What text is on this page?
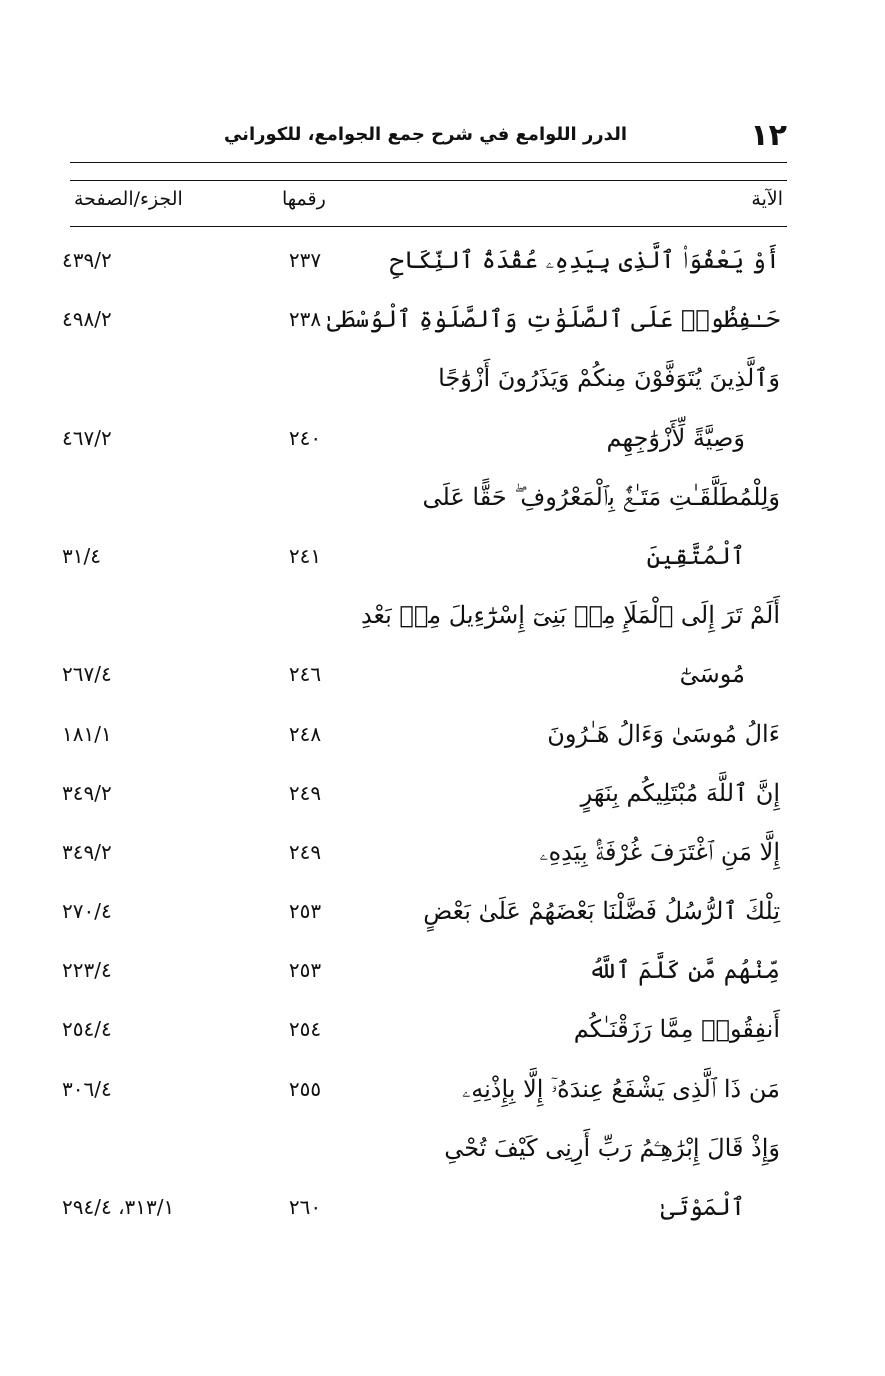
١٢
الدرر اللوامع في شرح جمع الجوامع، للكوراني
الآية
رقمها
الجزء/الصفحة
أَوْ يَعْفُوَا۟ ٱلَّذِى بِيَدِهِۦ عُقْدَةُ ٱلنِّكَاحِ
٢٣٧
٤٣٩/٢
حَـٰفِظُوا۟ عَلَى ٱلصَّلَوَٰتِ وَٱلصَّلَوٰةِ ٱلْوُسْطَىٰ
٢٣٨
٤٩٨/٢
وَٱلَّذِينَ يُتَوَفَّوْنَ مِنكُمْ وَيَذَرُونَ أَزْوَٰجًا
وَصِيَّةً لِّأَزْوَٰجِهِم
٢٤٠
٤٦٧/٢
وَلِلْمُطَلَّقَـٰتِ مَتَـٰعٌۢ بِٱلْمَعْرُوفِ ۖ حَقًّا عَلَى
ٱلْمُتَّقِينَ
٢٤١
٣١/٤
أَلَمْ تَرَ إِلَى ٱلْمَلَإِ مِنۢ بَنِىٓ إِسْرَٰٓءِيلَ مِنۢ بَعْدِ
مُوسَىٰٓ
٢٤٦
٢٦٧/٤
ءَالُ مُوسَىٰ وَءَالُ هَـٰرُونَ
٢٤٨
١٨١/١
إِنَّ ٱللَّهَ مُبْتَلِيكُم بِنَهَرٍ
٢٤٩
٣٤٩/٢
إِلَّا مَنِ ٱغْتَرَفَ غُرْفَةًۢ بِيَدِهِۦ
٢٤٩
٣٤٩/٢
تِلْكَ ٱلرُّسُلُ فَضَّلْنَا بَعْضَهُمْ عَلَىٰ بَعْضٍ
٢٥٣
٢٧٠/٤
مِّنْهُم مَّن كَلَّمَ ٱللَّهُ
٢٥٣
٢٢٣/٤
أَنفِقُوا۟ مِمَّا رَزَقْنَـٰكُم
٢٥٤
٢٥٤/٤
مَن ذَا ٱلَّذِى يَشْفَعُ عِندَهُۥٓ إِلَّا بِإِذْنِهِۦ
٢٥٥
٣٠٦/٤
وَإِذْ قَالَ إِبْرَٰهِـۧمُ رَبِّ أَرِنِى كَيْفَ تُحْىِ
ٱلْمَوْتَىٰ
٢٦٠
٣١٣/١، ٢٩٤/٤
